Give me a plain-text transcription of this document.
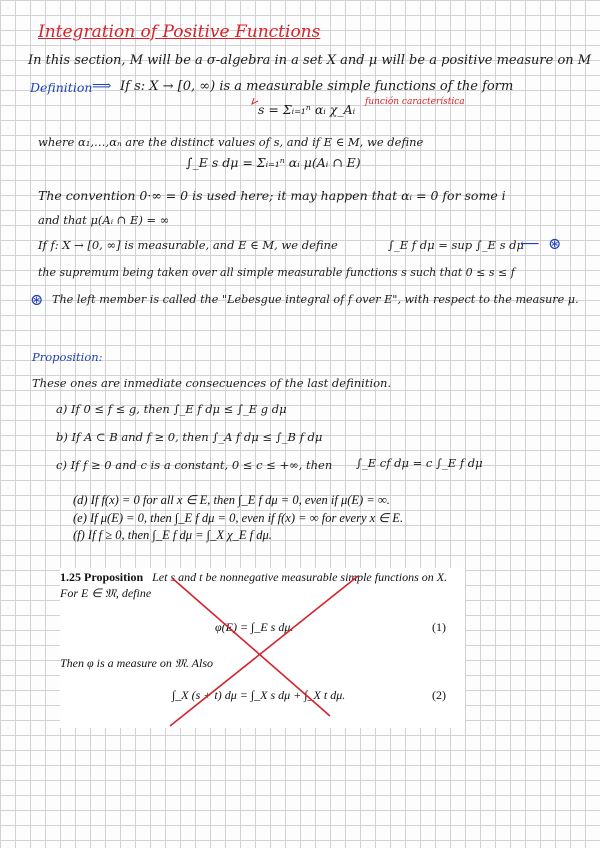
Integration of Positive Functions
In this section, M will be a σ-algebra in a set X and μ will be a positive measure on M
Definition ⟹ If s: X → [0, ∞) is a measurable simple functions of the form
s = Σᵢ₌₁ⁿ αᵢ χ_Aᵢ función característica
where α₁,…,αₙ are the distinct values of s, and if E ∈ M, we define
∫_E s dμ = Σᵢ₌₁ⁿ αᵢ μ(Aᵢ ∩ E)
The convention 0·∞ = 0 is used here; it may happen that αᵢ = 0 for some i
and that μ(Aᵢ ∩ E) = ∞
If f: X → [0, ∞] is measurable, and E ∈ M, we define	∫_E f dμ = sup ∫_E s dμ
⟵ ⊛
the supremum being taken over all simple measurable functions s such that 0 ≤ s ≤ f
⊛ The left member is called the "Lebesgue integral of f over E", with respect to the measure μ.
Proposition:
These ones are inmediate consecuences of the last definition.
a) If 0 ≤ f ≤ g, then ∫_E f dμ ≤ ∫_E g dμ
b) If A ⊂ B and f ≥ 0, then ∫_A f dμ ≤ ∫_B f dμ
c) If f ≥ 0 and c is a constant, 0 ≤ c ≤ +∞, then ∫_E cf dμ = c ∫_E f dμ
(d) If f(x) = 0 for all x ∈ E, then ∫_E f dμ = 0, even if μ(E) = ∞.
(e) If μ(E) = 0, then ∫_E f dμ = 0, even if f(x) = ∞ for every x ∈ E.
(f) If f ≥ 0, then ∫_E f dμ = ∫_X χ_E f dμ.
1.25 Proposition Let s and t be nonnegative measurable simple functions on X.
For E ∈ 𝔐, define
φ(E) = ∫_E s dμ.	(1)
Then φ is a measure on 𝔐. Also
∫_X (s + t) dμ = ∫_X s dμ + ∫_X t dμ.	(2)
